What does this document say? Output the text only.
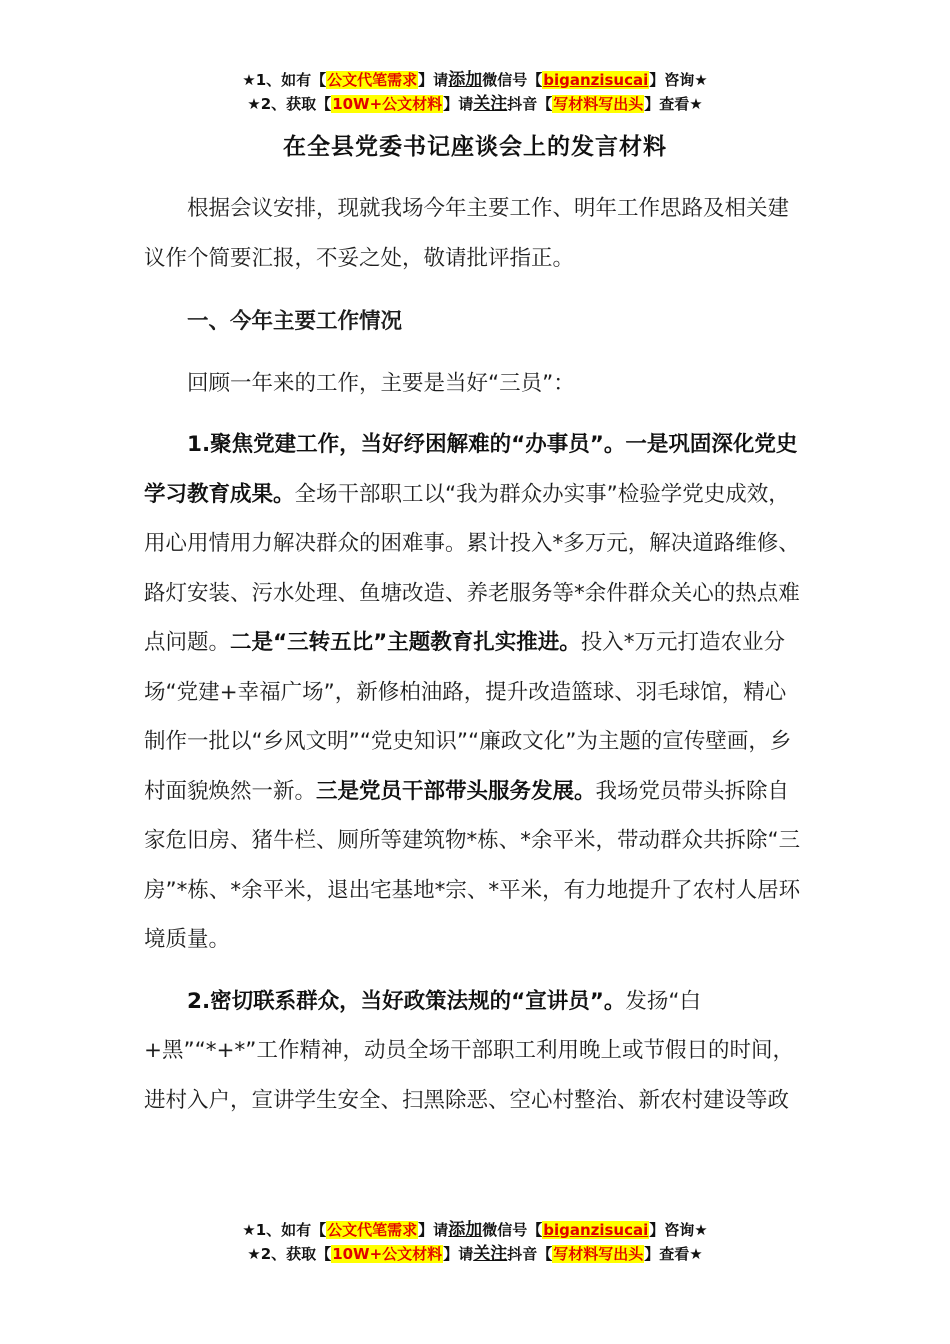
★1、如有【公文代笔需求】请添加微信号【biganzisucai】咨询★
★2、获取【10W+公文材料】请关注抖音【写材料写出头】查看★
在全县党委书记座谈会上的发言材料

根据会议安排，现就我场今年主要工作、明年工作思路及相关建议作个简要汇报，不妥之处，敬请批评指正。

一、今年主要工作情况

回顾一年来的工作，主要是当好“三员”：

1.聚焦党建工作，当好纾困解难的“办事员”。一是巩固深化党史学习教育成果。全场干部职工以“我为群众办实事”检验学党史成效，用心用情用力解决群众的困难事。累计投入*多万元，解决道路维修、路灯安装、污水处理、鱼塘改造、养老服务等*余件群众关心的热点难点问题。二是“三转五比”主题教育扎实推进。投入*万元打造农业分场“党建+幸福广场”，新修柏油路，提升改造篮球、羽毛球馆，精心制作一批以“乡风文明”“党史知识”“廉政文化”为主题的宣传壁画，乡村面貌焕然一新。三是党员干部带头服务发展。我场党员带头拆除自家危旧房、猪牛栏、厕所等建筑物*栋、*余平米，带动群众共拆除“三房”*栋、*余平米，退出宅基地*宗、*平米，有力地提升了农村人居环境质量。

2.密切联系群众，当好政策法规的“宣讲员”。发扬“白+黑”“*+*”工作精神，动员全场干部职工利用晚上或节假日的时间，进村入户，宣讲学生安全、扫黑除恶、空心村整治、新农村建设等政

★1、如有【公文代笔需求】请添加微信号【biganzisucai】咨询★
★2、获取【10W+公文材料】请关注抖音【写材料写出头】查看★
